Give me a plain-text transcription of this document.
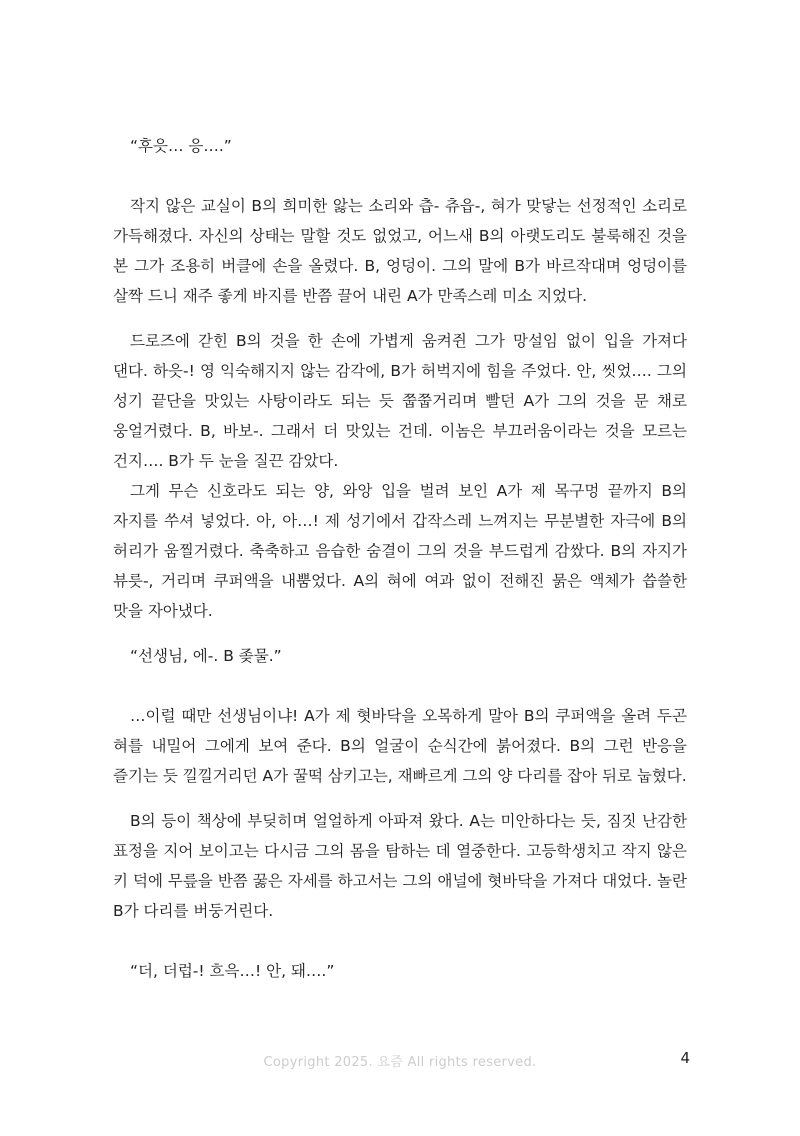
“후읏… 응….”
작지 않은 교실이 B의 희미한 앓는 소리와 츱- 츄읍-, 혀가 맞닿는 선정적인 소리로 가득해졌다. 자신의 상태는 말할 것도 없었고, 어느새 B의 아랫도리도 불룩해진 것을 본 그가 조용히 버클에 손을 올렸다. B, 엉덩이. 그의 말에 B가 바르작대며 엉덩이를 살짝 드니 재주 좋게 바지를 반쯤 끌어 내린 A가 만족스레 미소 지었다.
드로즈에 갇힌 B의 것을 한 손에 가볍게 움켜쥔 그가 망설임 없이 입을 가져다 댄다. 하읏-! 영 익숙해지지 않는 감각에, B가 허벅지에 힘을 주었다. 안, 씻었…. 그의 성기 끝단을 맛있는 사탕이라도 되는 듯 쭙쭙거리며 빨던 A가 그의 것을 문 채로 웅얼거렸다. B, 바보-. 그래서 더 맛있는 건데. 이놈은 부끄러움이라는 것을 모르는 건지…. B가 두 눈을 질끈 감았다.
그게 무슨 신호라도 되는 양, 와앙 입을 벌려 보인 A가 제 목구멍 끝까지 B의 자지를 쑤셔 넣었다. 아, 아…! 제 성기에서 갑작스레 느껴지는 무분별한 자극에 B의 허리가 움찔거렸다. 축축하고 음습한 숨결이 그의 것을 부드럽게 감쌌다. B의 자지가 뷰릇-, 거리며 쿠퍼액을 내뿜었다. A의 혀에 여과 없이 전해진 묽은 액체가 씁쓸한 맛을 자아냈다.
“선생님, 에-. B 좆물.”
…이럴 때만 선생님이냐! A가 제 혓바닥을 오목하게 말아 B의 쿠퍼액을 올려 두곤 혀를 내밀어 그에게 보여 준다. B의 얼굴이 순식간에 붉어졌다. B의 그런 반응을 즐기는 듯 낄낄거리던 A가 꿀떡 삼키고는, 재빠르게 그의 양 다리를 잡아 뒤로 눕혔다.
B의 등이 책상에 부딪히며 얼얼하게 아파져 왔다. A는 미안하다는 듯, 짐짓 난감한 표정을 지어 보이고는 다시금 그의 몸을 탐하는 데 열중한다. 고등학생치고 작지 않은 키 덕에 무릎을 반쯤 꿇은 자세를 하고서는 그의 애널에 혓바닥을 가져다 대었다. 놀란 B가 다리를 버둥거린다.
“더, 더럽-! 흐윽…! 안, 돼….”
Copyright 2025. 요즘 All rights reserved.	4
